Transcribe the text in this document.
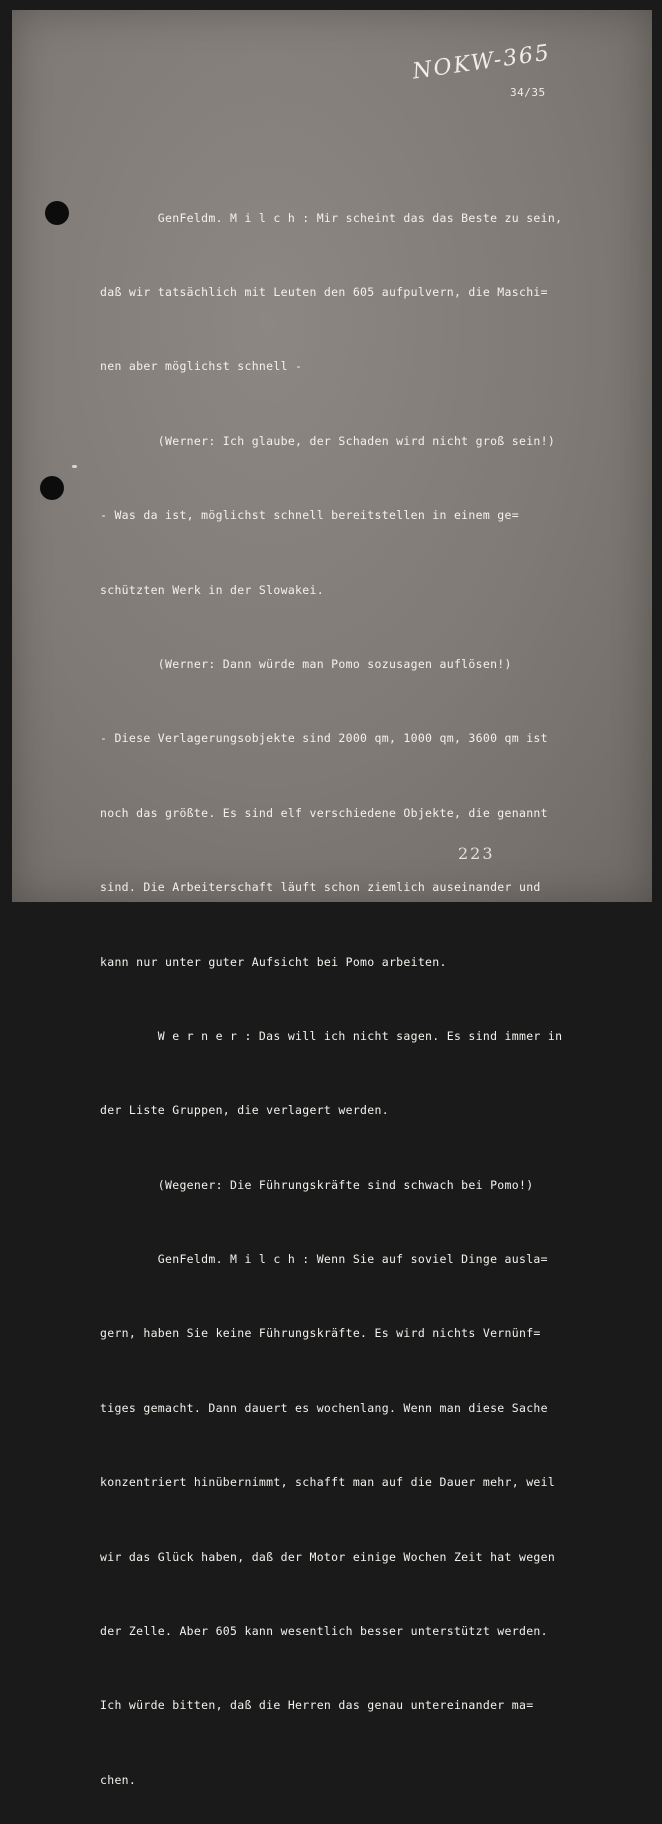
NOKW-365
34/35

GenFeldm. M i l c h : Mir scheint das das Beste zu sein,

daß wir tatsächlich mit Leuten den 605 aufpulvern, die Maschi=

nen aber möglichst schnell -

(Werner: Ich glaube, der Schaden wird nicht groß sein!)

- Was da ist, möglichst schnell bereitstellen in einem ge=

schützten Werk in der Slowakei.

(Werner: Dann würde man Pomo sozusagen auflösen!)

- Diese Verlagerungsobjekte sind 2000 qm, 1000 qm, 3600 qm ist

noch das größte. Es sind elf verschiedene Objekte, die genannt

sind. Die Arbeiterschaft läuft schon ziemlich auseinander und

kann nur unter guter Aufsicht bei Pomo arbeiten.

W e r n e r : Das will ich nicht sagen. Es sind immer in

der Liste Gruppen, die verlagert werden.

(Wegener: Die Führungskräfte sind schwach bei Pomo!)

GenFeldm. M i l c h : Wenn Sie auf soviel Dinge ausla=

gern, haben Sie keine Führungskräfte. Es wird nichts Vernünf=

tiges gemacht. Dann dauert es wochenlang. Wenn man diese Sache

konzentriert hinübernimmt, schafft man auf die Dauer mehr, weil

wir das Glück haben, daß der Motor einige Wochen Zeit hat wegen

der Zelle. Aber 605 kann wesentlich besser unterstützt werden.

Ich würde bitten, daß die Herren das genau untereinander ma=

chen.

223
